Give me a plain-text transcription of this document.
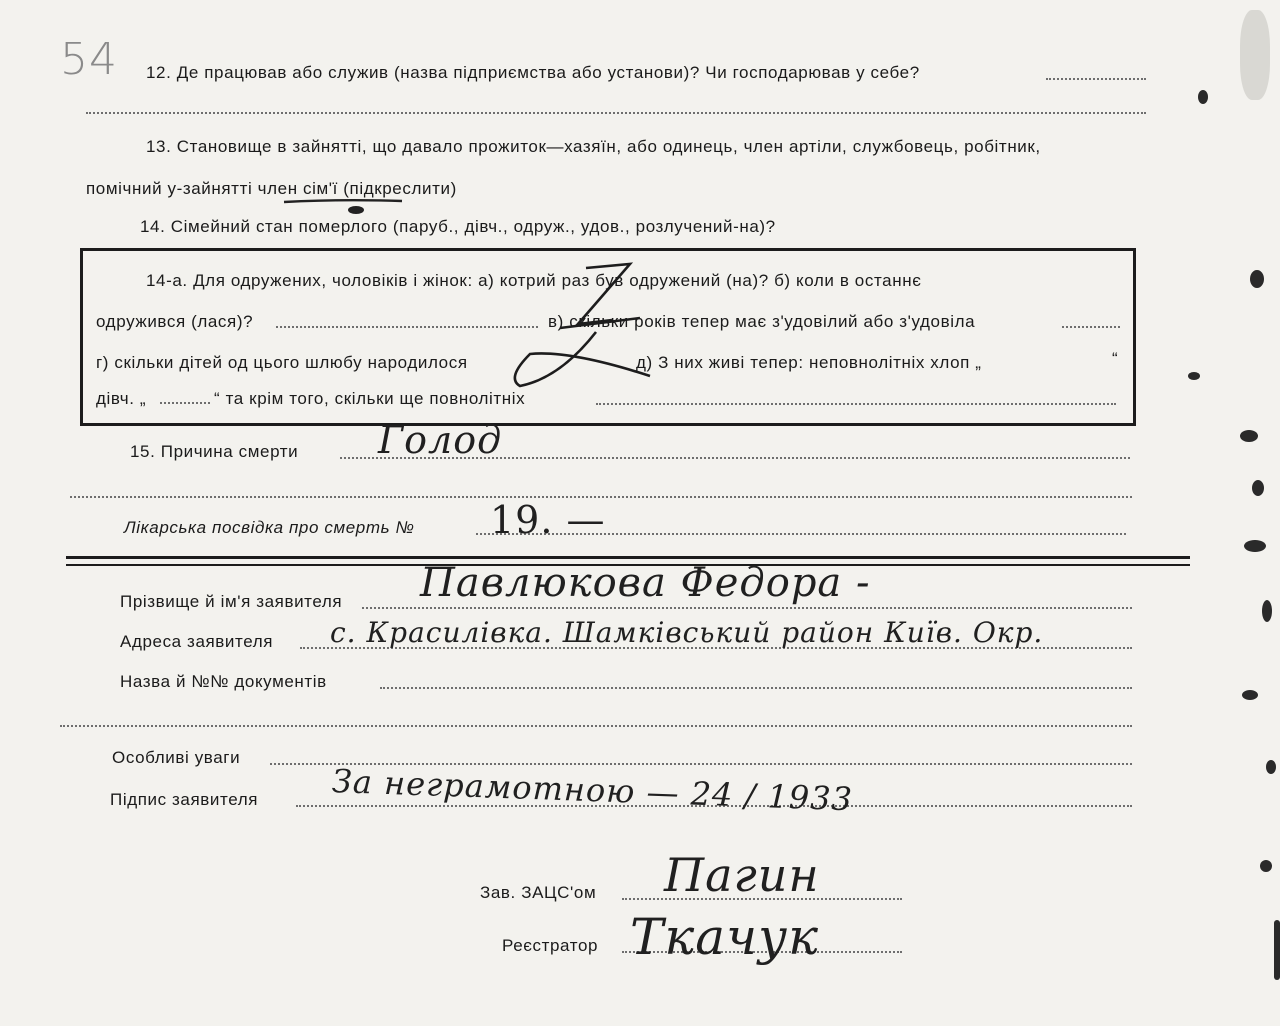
54 12. Де працював або служив (назва підприємства або установи)? Чи господарював у себе?
13. Становище в зайнятті, що давало прожиток—хазяїн, або одинець, член артіли, службовець, робітник,
помічний у-зайнятті член сім'ї (підкреслити)
14. Сімейний стан померлого (паруб., дівч., одруж., удов., розлучений-на)?
14-а. Для одружених, чоловіків і жінок: а) котрий раз був одружений (на)? б) коли в останнє
одружився (лася)?	в) скільки років тепер має з'удовілий або з'удовіла
г) скільки дітей од цього шлюбу народилося	д) З них живі тепер: неповнолітніх хлоп „	“
дівч. „	“ та крім того, скільки ще повнолітніх
15. Причина смерти Голод
Лікарська посвідка про смерть № 19. —
Прізвище й ім'я заявителя Павлюкова Федора -
Адреса заявителя с. Красилівка. Шамківський район Київ. Окр.
Назва й №№ документів
Особливі уваги
Підпис заявителя За неграмотною — 24 / 1933
Зав. ЗАЦС'ом Пагин
Реєстратор Ткачук
